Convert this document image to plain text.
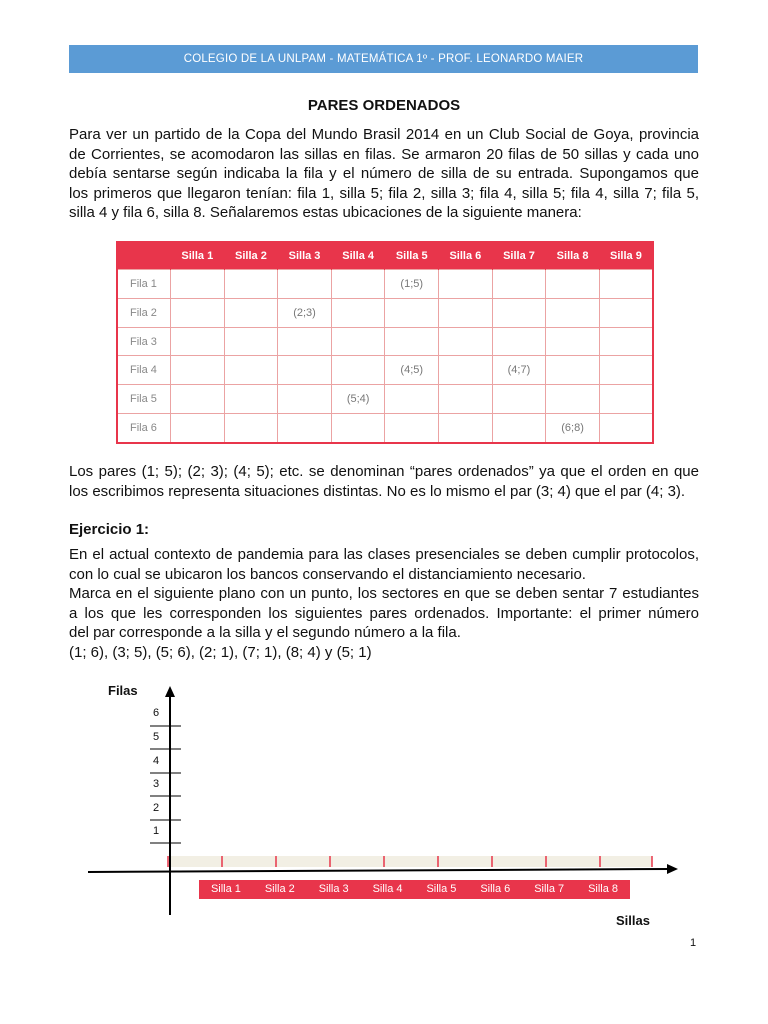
COLEGIO DE LA UNLPAM - MATEMÁTICA 1º - PROF. LEONARDO MAIER
PARES ORDENADOS
Para ver un partido de la Copa del Mundo Brasil 2014 en un Club Social de Goya, provincia
de Corrientes, se acomodaron las sillas en filas. Se armaron 20 filas de 50 sillas y cada uno
debía sentarse según indicaba la fila y el número de silla de su entrada. Supongamos que
los primeros que llegaron tenían: fila 1, silla 5; fila 2, silla 3; fila 4, silla 5; fila 4, silla 7; fila 5,
silla 4 y fila 6, silla 8. Señalaremos estas ubicaciones de la siguiente manera:
	Silla 1	Silla 2	Silla 3	Silla 4	Silla 5	Silla 6	Silla 7	Silla 8	Silla 9
Fila 1					(1;5)				
Fila 2			(2;3)						
Fila 3									
Fila 4					(4;5)		(4;7)		
Fila 5				(5;4)					
Fila 6								(6;8)	
Los pares (1; 5); (2; 3); (4; 5); etc. se denominan “pares ordenados” ya que el orden en que
los escribimos representa situaciones distintas. No es lo mismo el par (3; 4) que el par (4; 3).
Ejercicio 1:
En el actual contexto de pandemia para las clases presenciales se deben cumplir protocolos,
con lo cual se ubicaron los bancos conservando el distanciamiento necesario.
Marca en el siguiente plano con un punto, los sectores en que se deben sentar 7 estudiantes
a los que les corresponden los siguientes pares ordenados. Importante: el primer número
del par corresponde a la silla y el segundo número a la fila.
(1; 6), (3; 5), (5; 6), (2; 1), (7; 1), (8; 4) y (5; 1)
Filas
6
5
4
3
2
1
Silla 1	Silla 2	Silla 3	Silla 4	Silla 5	Silla 6	Silla 7	Silla 8
Sillas
1
